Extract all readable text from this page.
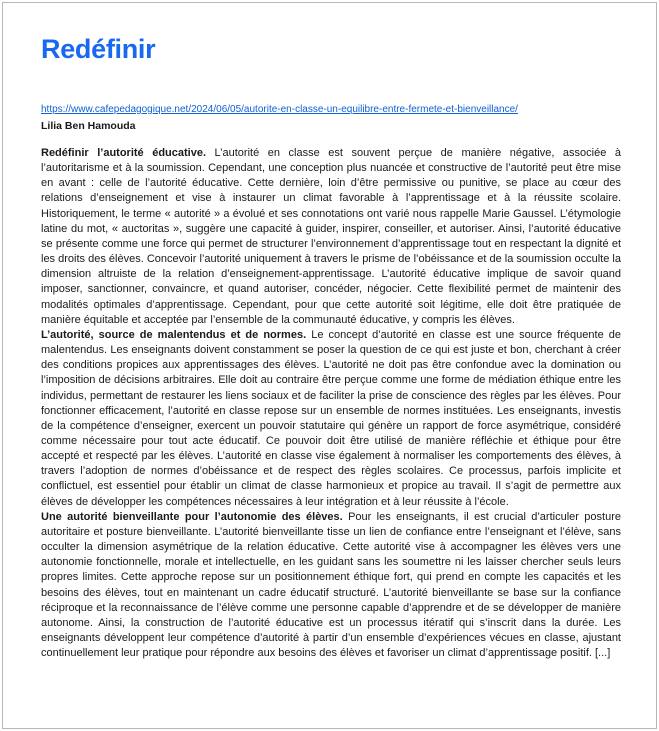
Redéfinir
https://www.cafepedagogique.net/2024/06/05/autorite-en-classe-un-equilibre-entre-fermete-et-bienveillance/
Lilia Ben Hamouda

Redéfinir l’autorité éducative. L’autorité en classe est souvent perçue de manière négative, associée à l’autoritarisme et à la soumission. Cependant, une conception plus nuancée et constructive de l’autorité peut être mise en avant : celle de l’autorité éducative. Cette dernière, loin d’être permissive ou punitive, se place au cœur des relations d’enseignement et vise à instaurer un climat favorable à l’apprentissage et à la réussite scolaire. Historiquement, le terme « autorité » a évolué et ses connotations ont varié nous rappelle Marie Gaussel. L’étymologie latine du mot, « auctoritas », suggère une capacité à guider, inspirer, conseiller, et autoriser. Ainsi, l’autorité éducative se présente comme une force qui permet de structurer l’environnement d’apprentissage tout en respectant la dignité et les droits des élèves. Concevoir l’autorité uniquement à travers le prisme de l’obéissance et de la soumission occulte la dimension altruiste de la relation d’enseignement-apprentissage. L’autorité éducative implique de savoir quand imposer, sanctionner, convaincre, et quand autoriser, concéder, négocier. Cette flexibilité permet de maintenir des modalités optimales d’apprentissage. Cependant, pour que cette autorité soit légitime, elle doit être pratiquée de manière équitable et acceptée par l’ensemble de la communauté éducative, y compris les élèves.

L’autorité, source de malentendus et de normes. Le concept d’autorité en classe est une source fréquente de malentendus. Les enseignants doivent constamment se poser la question de ce qui est juste et bon, cherchant à créer des conditions propices aux apprentissages des élèves. L’autorité ne doit pas être confondue avec la domination ou l’imposition de décisions arbitraires. Elle doit au contraire être perçue comme une forme de médiation éthique entre les individus, permettant de restaurer les liens sociaux et de faciliter la prise de conscience des règles par les élèves. Pour fonctionner efficacement, l’autorité en classe repose sur un ensemble de normes instituées. Les enseignants, investis de la compétence d’enseigner, exercent un pouvoir statutaire qui génère un rapport de force asymétrique, considéré comme nécessaire pour tout acte éducatif. Ce pouvoir doit être utilisé de manière réfléchie et éthique pour être accepté et respecté par les élèves. L’autorité en classe vise également à normaliser les comportements des élèves, à travers l’adoption de normes d’obéissance et de respect des règles scolaires. Ce processus, parfois implicite et conflictuel, est essentiel pour établir un climat de classe harmonieux et propice au travail. Il s’agit de permettre aux élèves de développer les compétences nécessaires à leur intégration et à leur réussite à l’école.

Une autorité bienveillante pour l’autonomie des élèves. Pour les enseignants, il est crucial d’articuler posture autoritaire et posture bienveillante. L’autorité bienveillante tisse un lien de confiance entre l’enseignant et l’élève, sans occulter la dimension asymétrique de la relation éducative. Cette autorité vise à accompagner les élèves vers une autonomie fonctionnelle, morale et intellectuelle, en les guidant sans les soumettre ni les laisser chercher seuls leurs propres limites. Cette approche repose sur un positionnement éthique fort, qui prend en compte les capacités et les besoins des élèves, tout en maintenant un cadre éducatif structuré. L’autorité bienveillante se base sur la confiance réciproque et la reconnaissance de l’élève comme une personne capable d’apprendre et de se développer de manière autonome. Ainsi, la construction de l’autorité éducative est un processus itératif qui s’inscrit dans la durée. Les enseignants développent leur compétence d’autorité à partir d’un ensemble d’expériences vécues en classe, ajustant continuellement leur pratique pour répondre aux besoins des élèves et favoriser un climat d’apprentissage positif. [...]
